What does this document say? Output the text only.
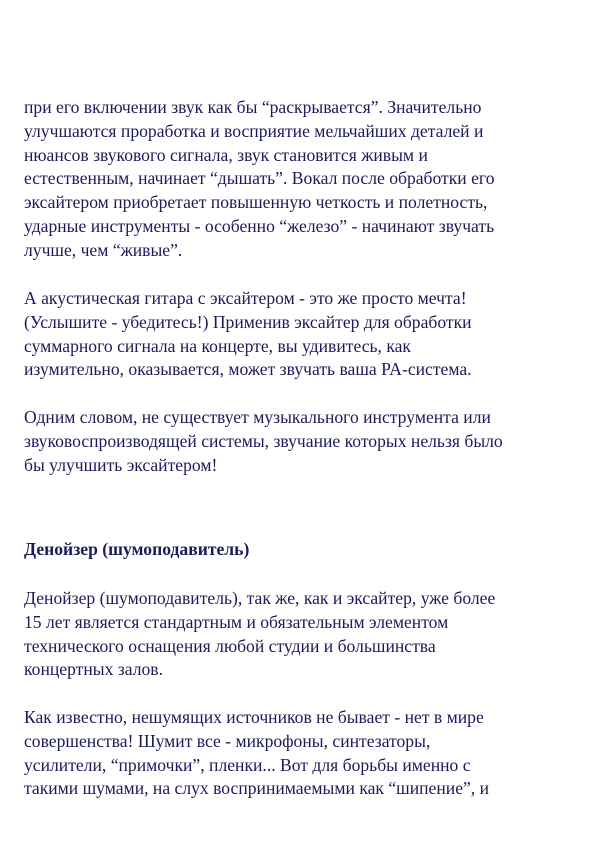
при его включении звук как бы “раскрывается”. Значительно
улучшаются проработка и восприятие мельчайших деталей и
нюансов звукового сигнала, звук становится живым и
естественным, начинает “дышать”. Вокал после обработки его
эксайтером приобретает повышенную четкость и полетность,
ударные инструменты - особенно “железо” - начинают звучать
лучше, чем “живые”.

А акустическая гитара с эксайтером - это же просто мечта!
(Услышите - убедитесь!) Применив эксайтер для обработки
суммарного сигнала на концерте, вы удивитесь, как
изумительно, оказывается, может звучать ваша PA-система.

Одним словом, не существует музыкального инструмента или
звуковоспроизводящей системы, звучание которых нельзя было
бы улучшить эксайтером!

Денойзер (шумоподавитель)

Денойзер (шумоподавитель), так же, как и эксайтер, уже более
15 лет является стандартным и обязательным элементом
технического оснащения любой студии и большинства
концертных залов.

Как известно, нешумящих источников не бывает - нет в мире
совершенства! Шумит все - микрофоны, синтезаторы,
усилители, “примочки”, пленки... Вот для борьбы именно с
такими шумами, на слух воспринимаемыми как “шипение”, и
